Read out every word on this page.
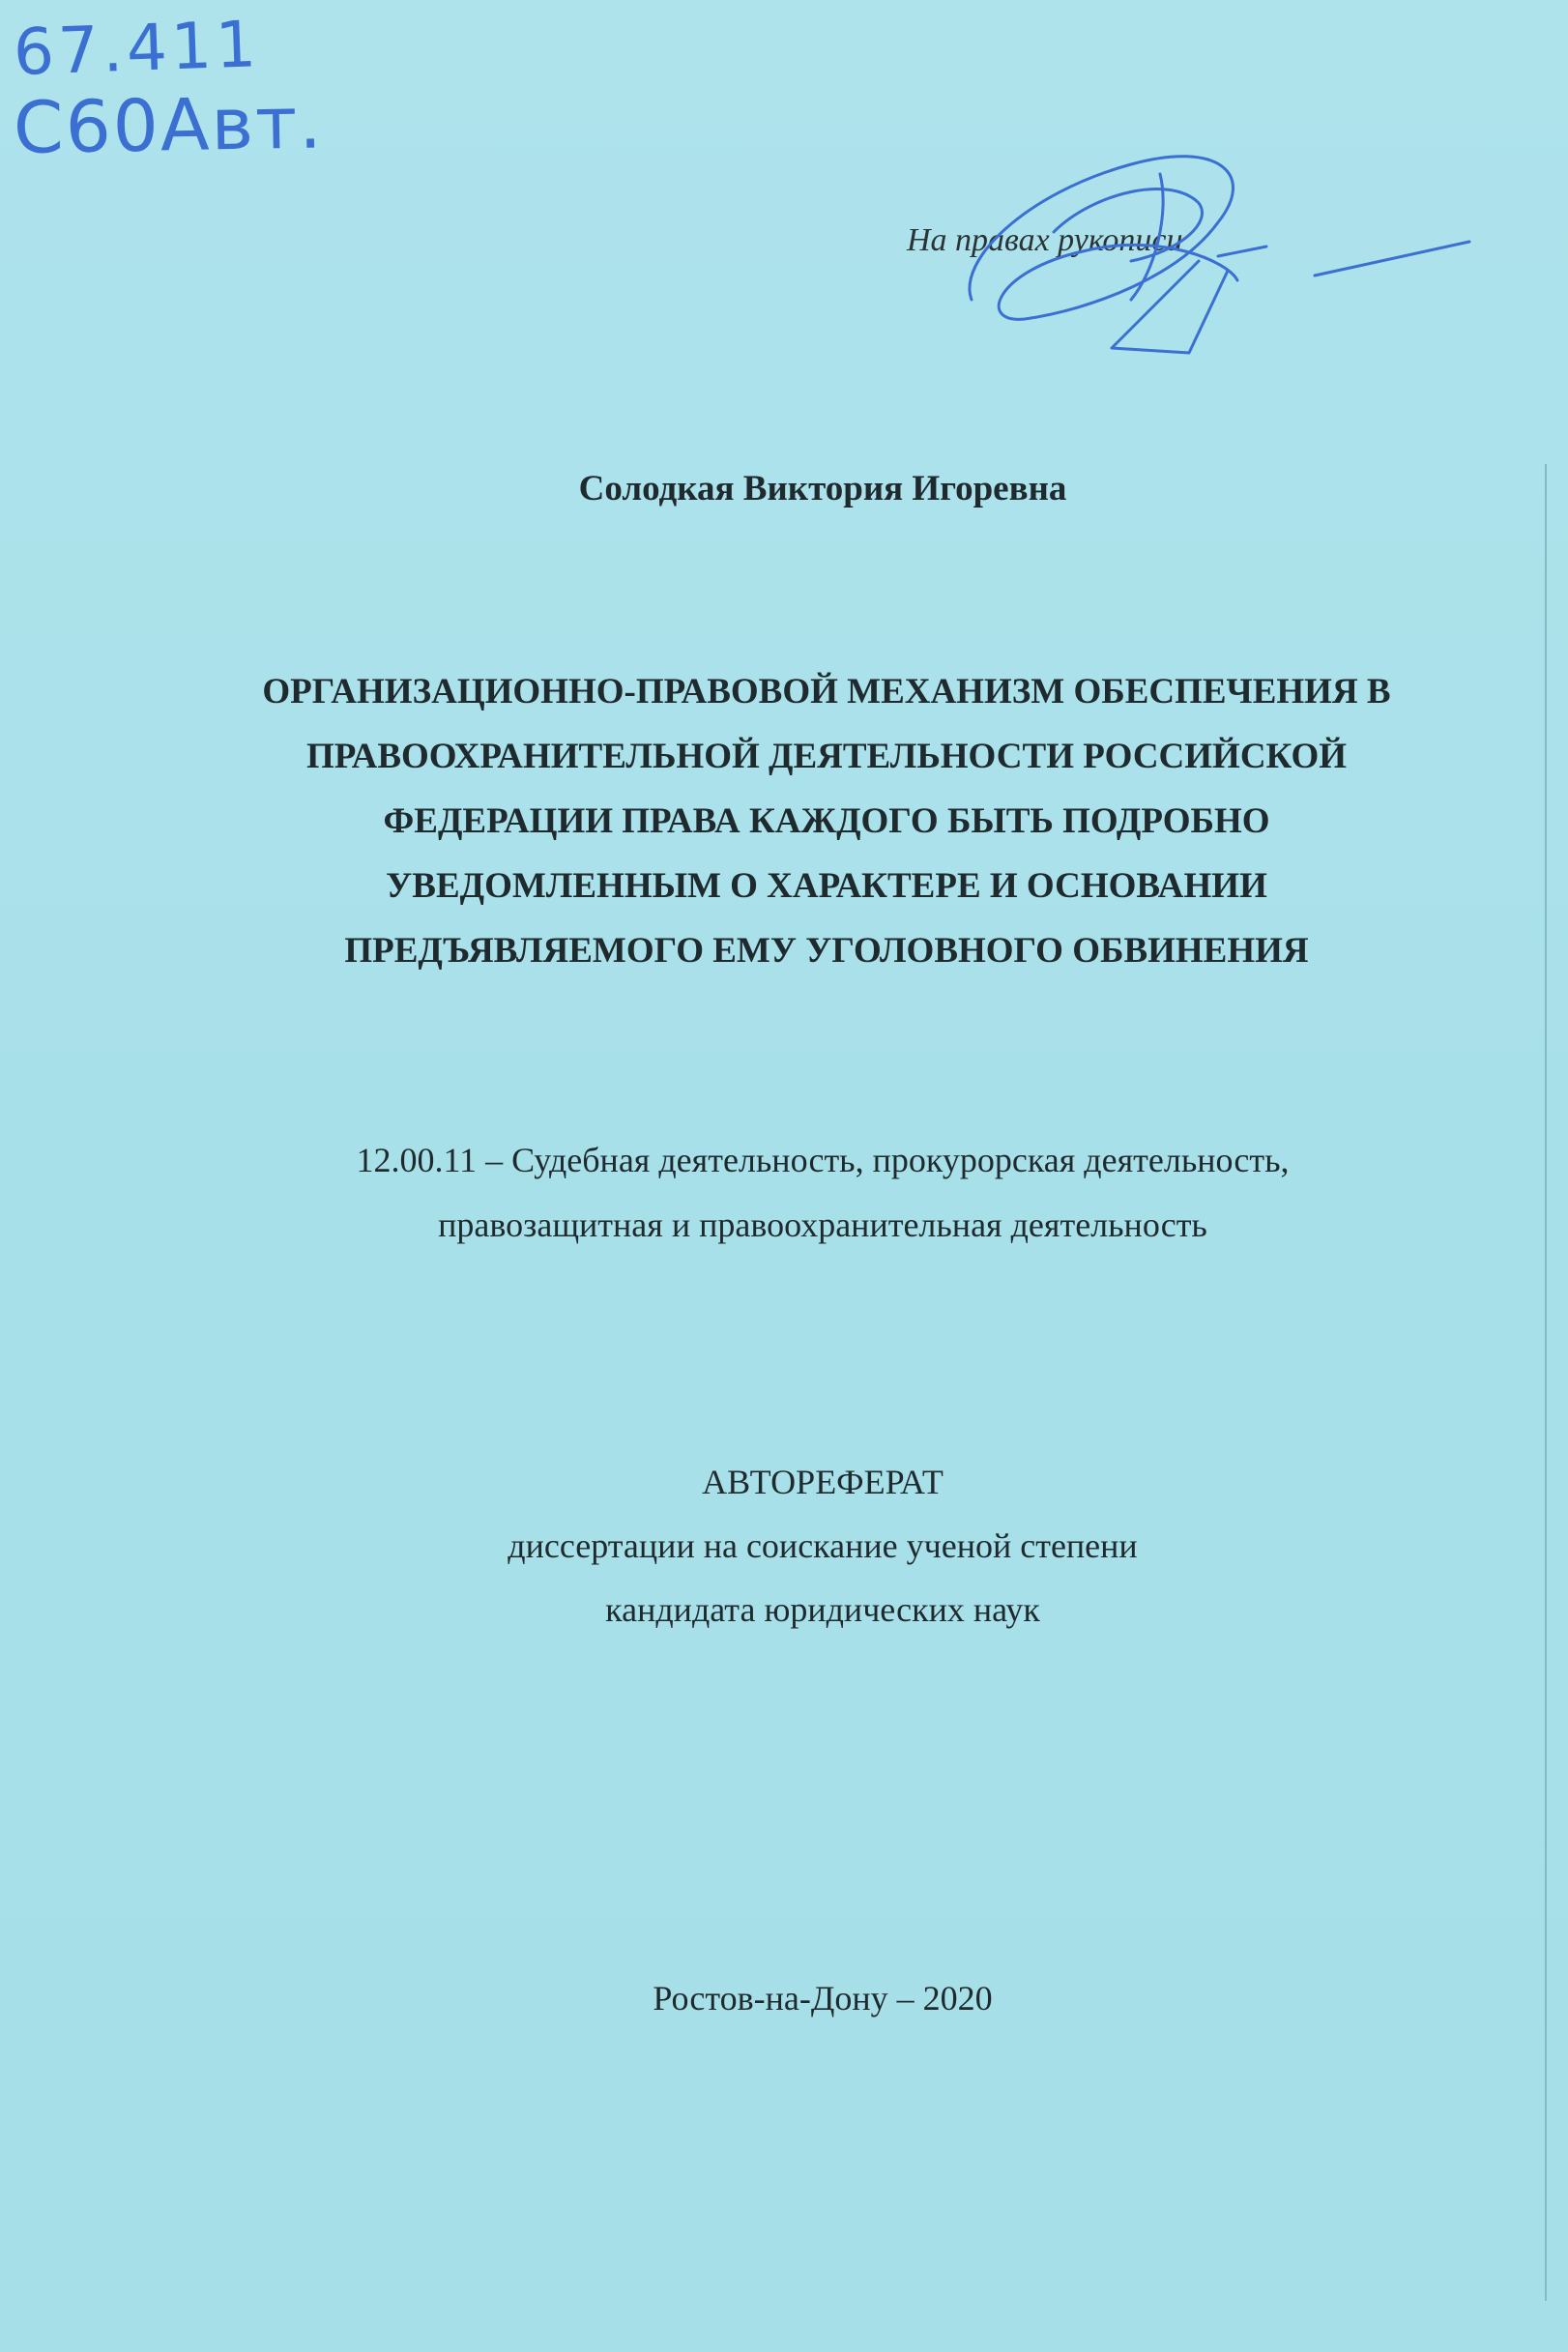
67.411
С60Авт.
На правах рукописи
Солодкая Виктория Игоревна
ОРГАНИЗАЦИОННО-ПРАВОВОЙ МЕХАНИЗМ ОБЕСПЕЧЕНИЯ В
ПРАВООХРАНИТЕЛЬНОЙ ДЕЯТЕЛЬНОСТИ РОССИЙСКОЙ
ФЕДЕРАЦИИ ПРАВА КАЖДОГО БЫТЬ ПОДРОБНО
УВЕДОМЛЕННЫМ О ХАРАКТЕРЕ И ОСНОВАНИИ
ПРЕДЪЯВЛЯЕМОГО ЕМУ УГОЛОВНОГО ОБВИНЕНИЯ
12.00.11 – Судебная деятельность, прокурорская деятельность,
правозащитная и правоохранительная деятельность
АВТОРЕФЕРАТ
диссертации на соискание ученой степени
кандидата юридических наук
Ростов-на-Дону – 2020
